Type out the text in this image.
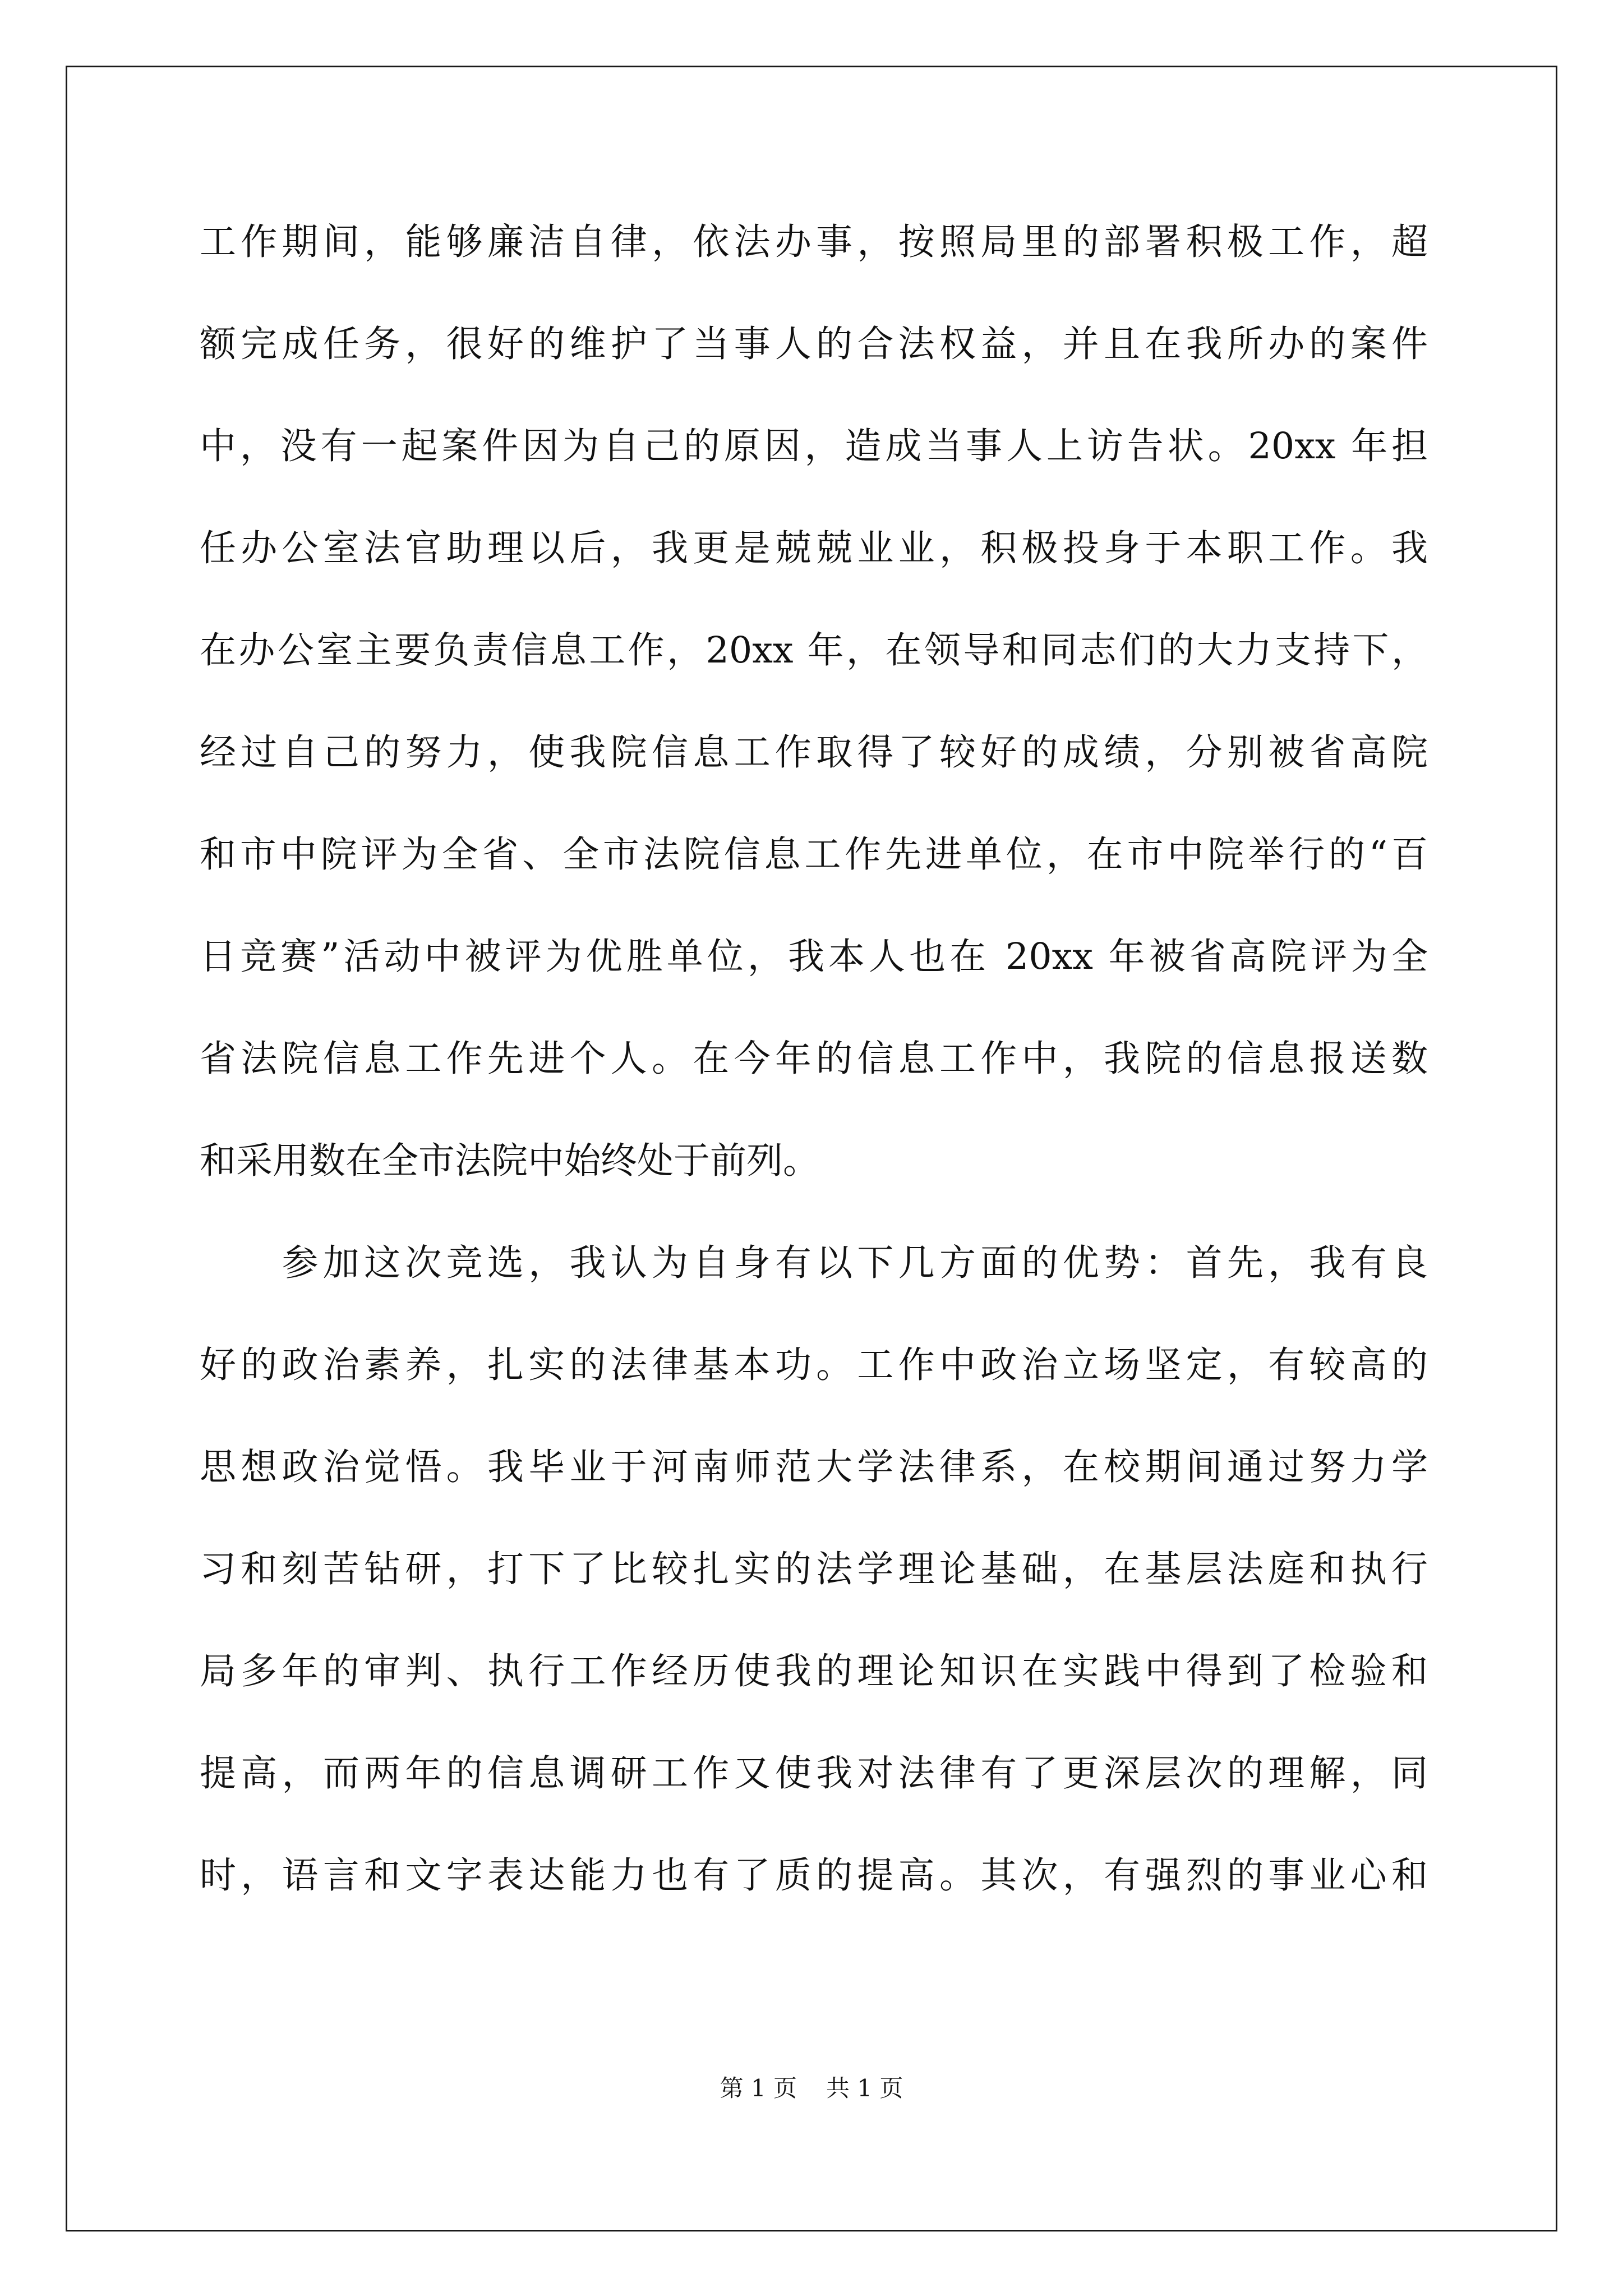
工作期间，能够廉洁自律，依法办事，按照局里的部署积极工作，超
额完成任务，很好的维护了当事人的合法权益，并且在我所办的案件
中，没有一起案件因为自己的原因，造成当事人上访告状。20xx 年担
任办公室法官助理以后，我更是兢兢业业，积极投身于本职工作。我
在办公室主要负责信息工作，20xx 年，在领导和同志们的大力支持下，
经过自己的努力，使我院信息工作取得了较好的成绩，分别被省高院
和市中院评为全省、全市法院信息工作先进单位，在市中院举行的“百
日竞赛”活动中被评为优胜单位，我本人也在 20xx 年被省高院评为全
省法院信息工作先进个人。在今年的信息工作中，我院的信息报送数
和采用数在全市法院中始终处于前列。
　　参加这次竞选，我认为自身有以下几方面的优势：首先，我有良
好的政治素养，扎实的法律基本功。工作中政治立场坚定，有较高的
思想政治觉悟。我毕业于河南师范大学法律系，在校期间通过努力学
习和刻苦钻研，打下了比较扎实的法学理论基础，在基层法庭和执行
局多年的审判、执行工作经历使我的理论知识在实践中得到了检验和
提高，而两年的信息调研工作又使我对法律有了更深层次的理解，同
时，语言和文字表达能力也有了质的提高。其次，有强烈的事业心和
第 1 页 共 1 页
